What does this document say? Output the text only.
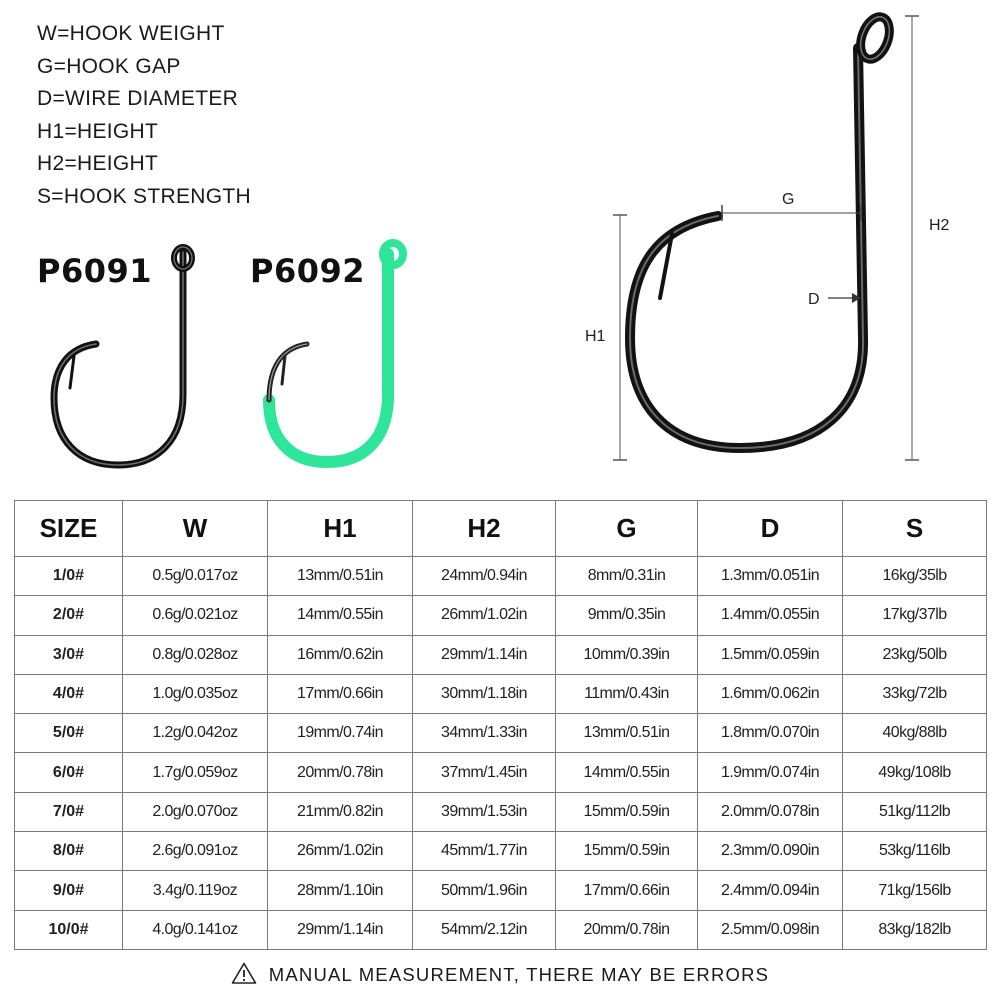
W=HOOK WEIGHT
G=HOOK GAP
D=WIRE DIAMETER
H1=HEIGHT
H2=HEIGHT
S=HOOK STRENGTH
P6091	P6092
G
D
H1
H2
SIZE	W	H1	H2	G	D	S
1/0#	0.5g/0.017oz	13mm/0.51in	24mm/0.94in	8mm/0.31in	1.3mm/0.051in	16kg/35lb
2/0#	0.6g/0.021oz	14mm/0.55in	26mm/1.02in	9mm/0.35in	1.4mm/0.055in	17kg/37lb
3/0#	0.8g/0.028oz	16mm/0.62in	29mm/1.14in	10mm/0.39in	1.5mm/0.059in	23kg/50lb
4/0#	1.0g/0.035oz	17mm/0.66in	30mm/1.18in	11mm/0.43in	1.6mm/0.062in	33kg/72lb
5/0#	1.2g/0.042oz	19mm/0.74in	34mm/1.33in	13mm/0.51in	1.8mm/0.070in	40kg/88lb
6/0#	1.7g/0.059oz	20mm/0.78in	37mm/1.45in	14mm/0.55in	1.9mm/0.074in	49kg/108lb
7/0#	2.0g/0.070oz	21mm/0.82in	39mm/1.53in	15mm/0.59in	2.0mm/0.078in	51kg/112lb
8/0#	2.6g/0.091oz	26mm/1.02in	45mm/1.77in	15mm/0.59in	2.3mm/0.090in	53kg/116lb
9/0#	3.4g/0.119oz	28mm/1.10in	50mm/1.96in	17mm/0.66in	2.4mm/0.094in	71kg/156lb
10/0#	4.0g/0.141oz	29mm/1.14in	54mm/2.12in	20mm/0.78in	2.5mm/0.098in	83kg/182lb
MANUAL MEASUREMENT, THERE MAY BE ERRORS
